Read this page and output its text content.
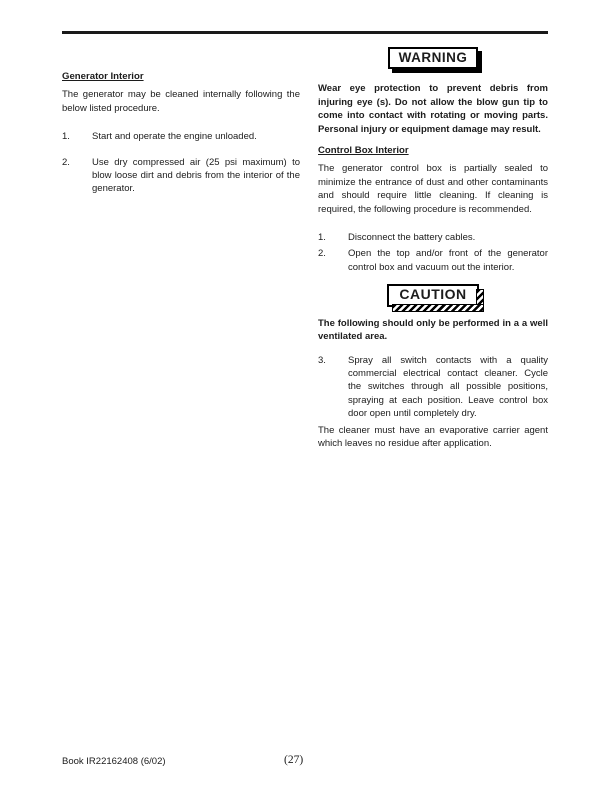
Generator Interior

The generator may be cleaned internally following the below listed procedure.

1. Start and operate the engine unloaded.
2. Use dry compressed air (25 psi maximum) to blow loose dirt and debris from the interior of the generator.
WARNING

Wear eye protection to prevent debris from injuring eye (s). Do not allow the blow gun tip to come into contact with rotating or moving parts. Personal injury or equipment damage may result.

Control Box Interior

The generator control box is partially sealed to minimize the entrance of dust and other contaminants and should require little cleaning. If cleaning is required, the following procedure is recommended.

1. Disconnect the battery cables.
2. Open the top and/or front of the generator control box and vacuum out the interior.
CAUTION

The following should only be performed in a a well ventilated area.

3. Spray all switch contacts with a quality commercial electrical contact cleaner. Cycle the switches through all possible positions, spraying at each position. Leave control box door open until completely dry.

The cleaner must have an evaporative carrier agent which leaves no residue after application.

Book IR22162408 (6/02)	(27)
